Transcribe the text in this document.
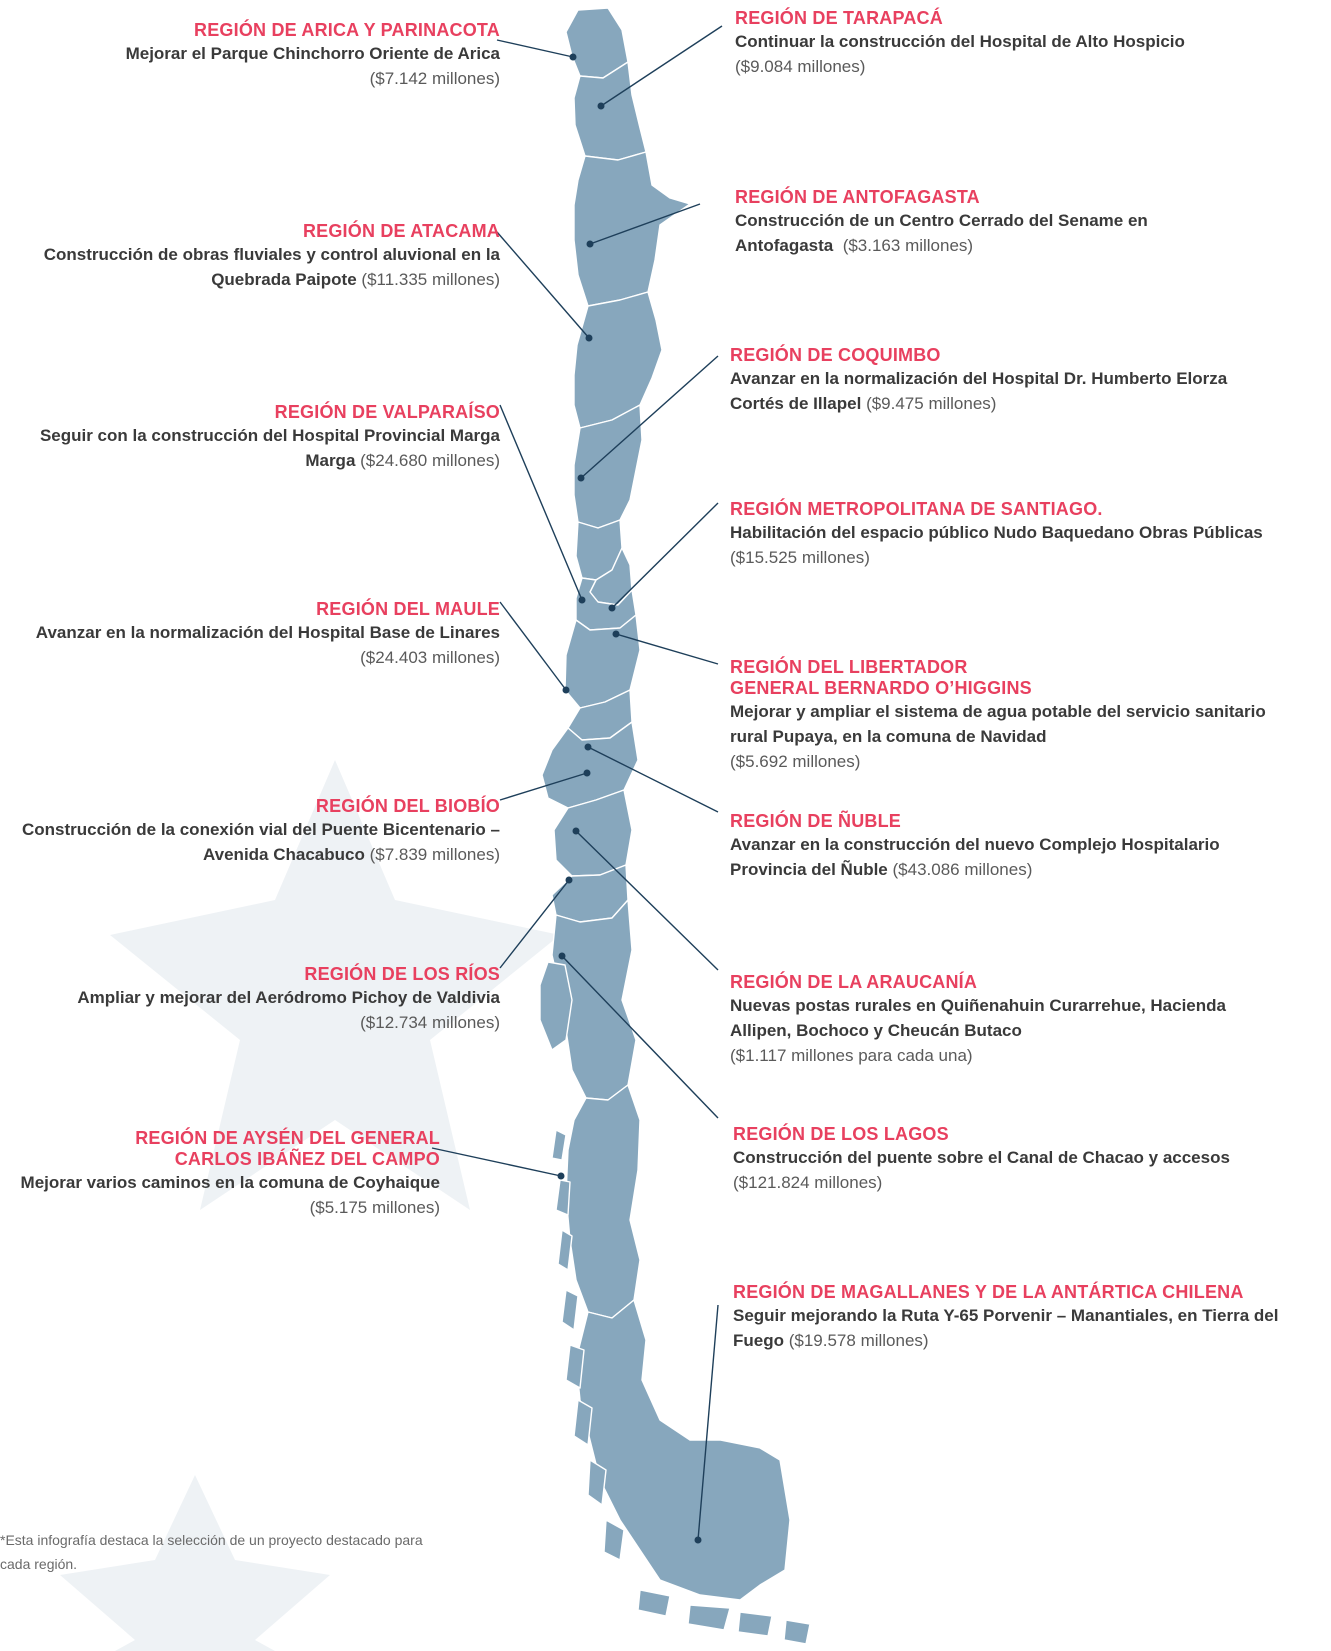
REGIÓN DE ARICA Y PARINACOTA
Mejorar el Parque Chinchorro Oriente de Arica
($7.142 millones)
REGIÓN DE ATACAMA
Construcción de obras fluviales y control aluvional en la Quebrada Paipote ($11.335 millones)
REGIÓN DE VALPARAÍSO
Seguir con la construcción del Hospital Provincial Marga Marga ($24.680 millones)
REGIÓN DEL MAULE
Avanzar en la normalización del Hospital Base de Linares ($24.403 millones)
REGIÓN DEL BIOBÍO
Construcción de la conexión vial del Puente Bicentenario –Avenida Chacabuco ($7.839 millones)
REGIÓN DE LOS RÍOS
Ampliar y mejorar del Aeródromo Pichoy de Valdivia ($12.734 millones)
REGIÓN DE AYSÉN DEL GENERAL
CARLOS IBÁÑEZ DEL CAMPO
Mejorar varios caminos en la comuna de Coyhaique ($5.175 millones)
REGIÓN DE TARAPACÁ
Continuar la construcción del Hospital de Alto Hospicio
($9.084 millones)
REGIÓN DE ANTOFAGASTA
Construcción de un Centro Cerrado del Sename en Antofagasta ($3.163 millones)
REGIÓN DE COQUIMBO
Avanzar en la normalización del Hospital Dr. Humberto Elorza Cortés de Illapel ($9.475 millones)
REGIÓN METROPOLITANA DE SANTIAGO.
Habilitación del espacio público Nudo Baquedano Obras Públicas ($15.525 millones)
REGIÓN DEL LIBERTADOR
GENERAL BERNARDO O’HIGGINS
Mejorar y ampliar el sistema de agua potable del servicio sanitario rural Pupaya, en la comuna de Navidad
($5.692 millones)
REGIÓN DE ÑUBLE
Avanzar en la construcción del nuevo Complejo Hospitalario Provincia del Ñuble ($43.086 millones)
REGIÓN DE LA ARAUCANÍA
Nuevas postas rurales en Quiñenahuin Curarrehue, Hacienda Allipen, Bochoco y Cheucán Butaco
($1.117 millones para cada una)
REGIÓN DE LOS LAGOS
Construcción del puente sobre el Canal de Chacao y accesos
($121.824 millones)
REGIÓN DE MAGALLANES Y DE LA ANTÁRTICA CHILENA
Seguir mejorando la Ruta Y-65 Porvenir – Manantiales, en Tierra del Fuego ($19.578 millones)
*Esta infografía destaca la selección de un proyecto destacado para cada región.
